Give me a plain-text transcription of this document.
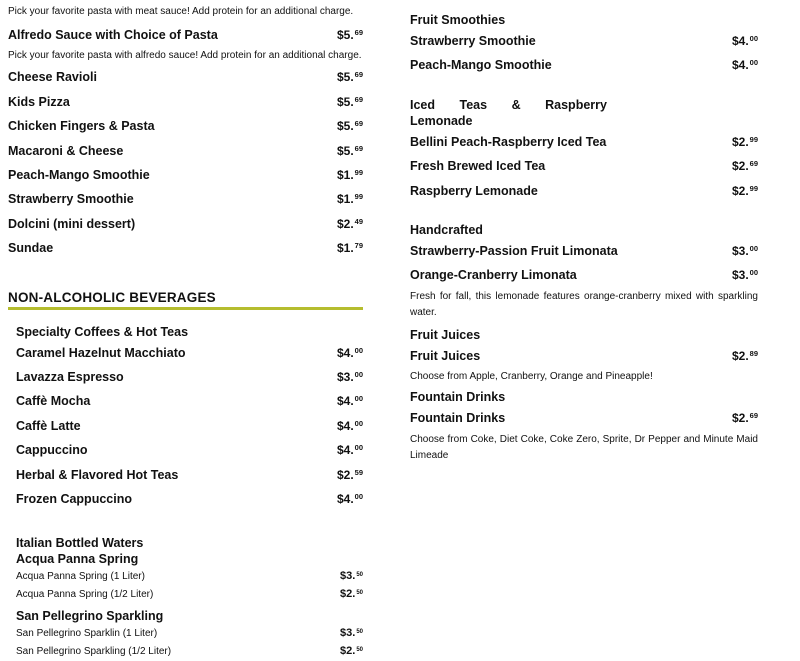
Pick your favorite pasta with meat sauce! Add protein for an additional charge.
Alfredo Sauce with Choice of Pasta	$5.69
Pick your favorite pasta with alfredo sauce! Add protein for an additional charge.
Cheese Ravioli	$5.69
Kids Pizza	$5.69
Chicken Fingers & Pasta	$5.69
Macaroni & Cheese	$5.69
Peach-Mango Smoothie	$1.99
Strawberry Smoothie	$1.99
Dolcini (mini dessert)	$2.49
Sundae	$1.79
NON-ALCOHOLIC BEVERAGES
Specialty Coffees & Hot Teas
Caramel Hazelnut Macchiato	$4.00
Lavazza Espresso	$3.00
Caffè Mocha	$4.00
Caffè Latte	$4.00
Cappuccino	$4.00
Herbal & Flavored Hot Teas	$2.59
Frozen Cappuccino	$4.00
Italian Bottled Waters
Acqua Panna Spring
Acqua Panna Spring (1 Liter)	$3.50
Acqua Panna Spring (1/2 Liter)	$2.50
San Pellegrino Sparkling
San Pellegrino Sparklin (1 Liter)	$3.50
San Pellegrino Sparkling (1/2 Liter)	$2.50
Fruit Smoothies
Strawberry Smoothie	$4.00
Peach-Mango Smoothie	$4.00
Iced Teas & Raspberry
Lemonade
Bellini Peach-Raspberry Iced Tea	$2.99
Fresh Brewed Iced Tea	$2.69
Raspberry Lemonade	$2.99
Handcrafted
Strawberry-Passion Fruit Limonata	$3.00
Orange-Cranberry Limonata	$3.00
Fresh for fall, this lemonade features orange-cranberry mixed with sparkling water.
Fruit Juices
Fruit Juices	$2.89
Choose from Apple, Cranberry, Orange and Pineapple!
Fountain Drinks
Fountain Drinks	$2.69
Choose from Coke, Diet Coke, Coke Zero, Sprite, Dr Pepper and Minute Maid Limeade
